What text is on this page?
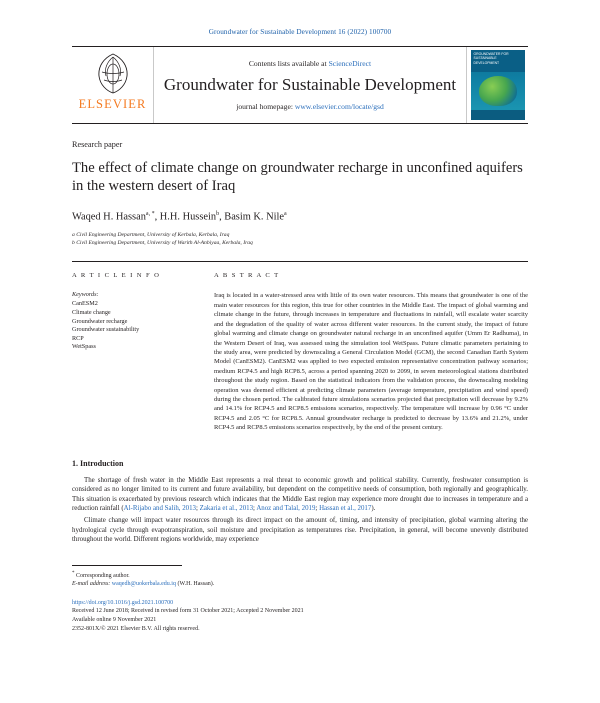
Groundwater for Sustainable Development 16 (2022) 100700
ELSEVIER
Contents lists available at ScienceDirect
Groundwater for Sustainable Development
journal homepage: www.elsevier.com/locate/gsd
GROUNDWATER FOR SUSTAINABLE DEVELOPMENT
Research paper
The effect of climate change on groundwater recharge in unconfined aquifers in the western desert of Iraq
Waqed H. Hassan$^{a, *}$, H.H. Hussein$^b$, Basim K. Nile$^a$
a Civil Engineering Department, University of Kerbala, Kerbala, Iraq
b Civil Engineering Department, University of Warith Al-Anbiyaa, Kerbala, Iraq
A R T I C L E I N F O
Keywords:
CanESM2
Climate change
Groundwater recharge
Groundwater sustainability
RCP
WetSpass
A B S T R A C T
Iraq is located in a water-stressed area with little of its own water resources. This means that groundwater is one of the main water resources for this region, this true for other countries in the Middle East. The impact of global warming and climate change in the future, through increases in temperature and fluctuations in rainfall, will escalate water scarcity and the degradation of the quality of water across different water resources. In the current study, the impact of future global warming and climate change on groundwater natural recharge in an unconfined aquifer (Umm Er Radhuma), in the Western Desert of Iraq, was assessed using the simulation tool WetSpass. Future climatic parameters pertaining to the study area, were predicted by downscaling a General Circulation Model (GCM), the second Canadian Earth System Model (CanESM2). CanESM2 was applied to two expected emission representative concentration pathway scenarios; medium RCP4.5 and high RCP8.5, across a period spanning 2020 to 2099, in seven meteorological stations distributed throughout the study region. Based on the statistical indicators from the validation process, the downscaling modeling operation was deemed efficient at predicting climate parameters (average temperature, precipitation and wind speed) during the chosen period. The calibrated future simulations scenarios projected that precipitation will decrease by 9.2% and 14.1% for RCP4.5 and RCP8.5 emissions scenarios, respectively. The temperature will increase by 0.96 °C under RCP4.5 and 2.05 °C for RCP8.5. Annual groundwater recharge is predicted to decrease by 13.6% and 21.2%, under RCP4.5 and RCP8.5 emissions scenarios respectively, by the end of the present century.
1. Introduction

The shortage of fresh water in the Middle East represents a real threat to economic growth and political stability. Currently, freshwater consumption is considered as no longer limited to its current and future availability, but dependent on the competitive needs of consumption, both regionally and geographically. This situation is exacerbated by previous research which indicates that the Middle East region may experience more drought due to increases in temperature and a reduction rainfall (Al-Rijabo and Salih, 2013; Zakaria et al., 2013; Anoz and Talal, 2019; Hassan et al., 2017).

Climate change will impact water resources through its direct impact on the amount of, timing, and intensity of precipitation, global warming altering the hydrological cycle through evapotranspiration, soil moisture and precipitation as temperatures rise. Precipitation, in general, will become unevenly distributed throughout the world. Different regions worldwide, may experience

* Corresponding author.
E-mail address: waqedh@uokerbala.edu.iq (W.H. Hassan).
https://doi.org/10.1016/j.gsd.2021.100700
Received 12 June 2018; Received in revised form 31 October 2021; Accepted 2 November 2021
Available online 9 November 2021
2352-801X/© 2021 Elsevier B.V. All rights reserved.
